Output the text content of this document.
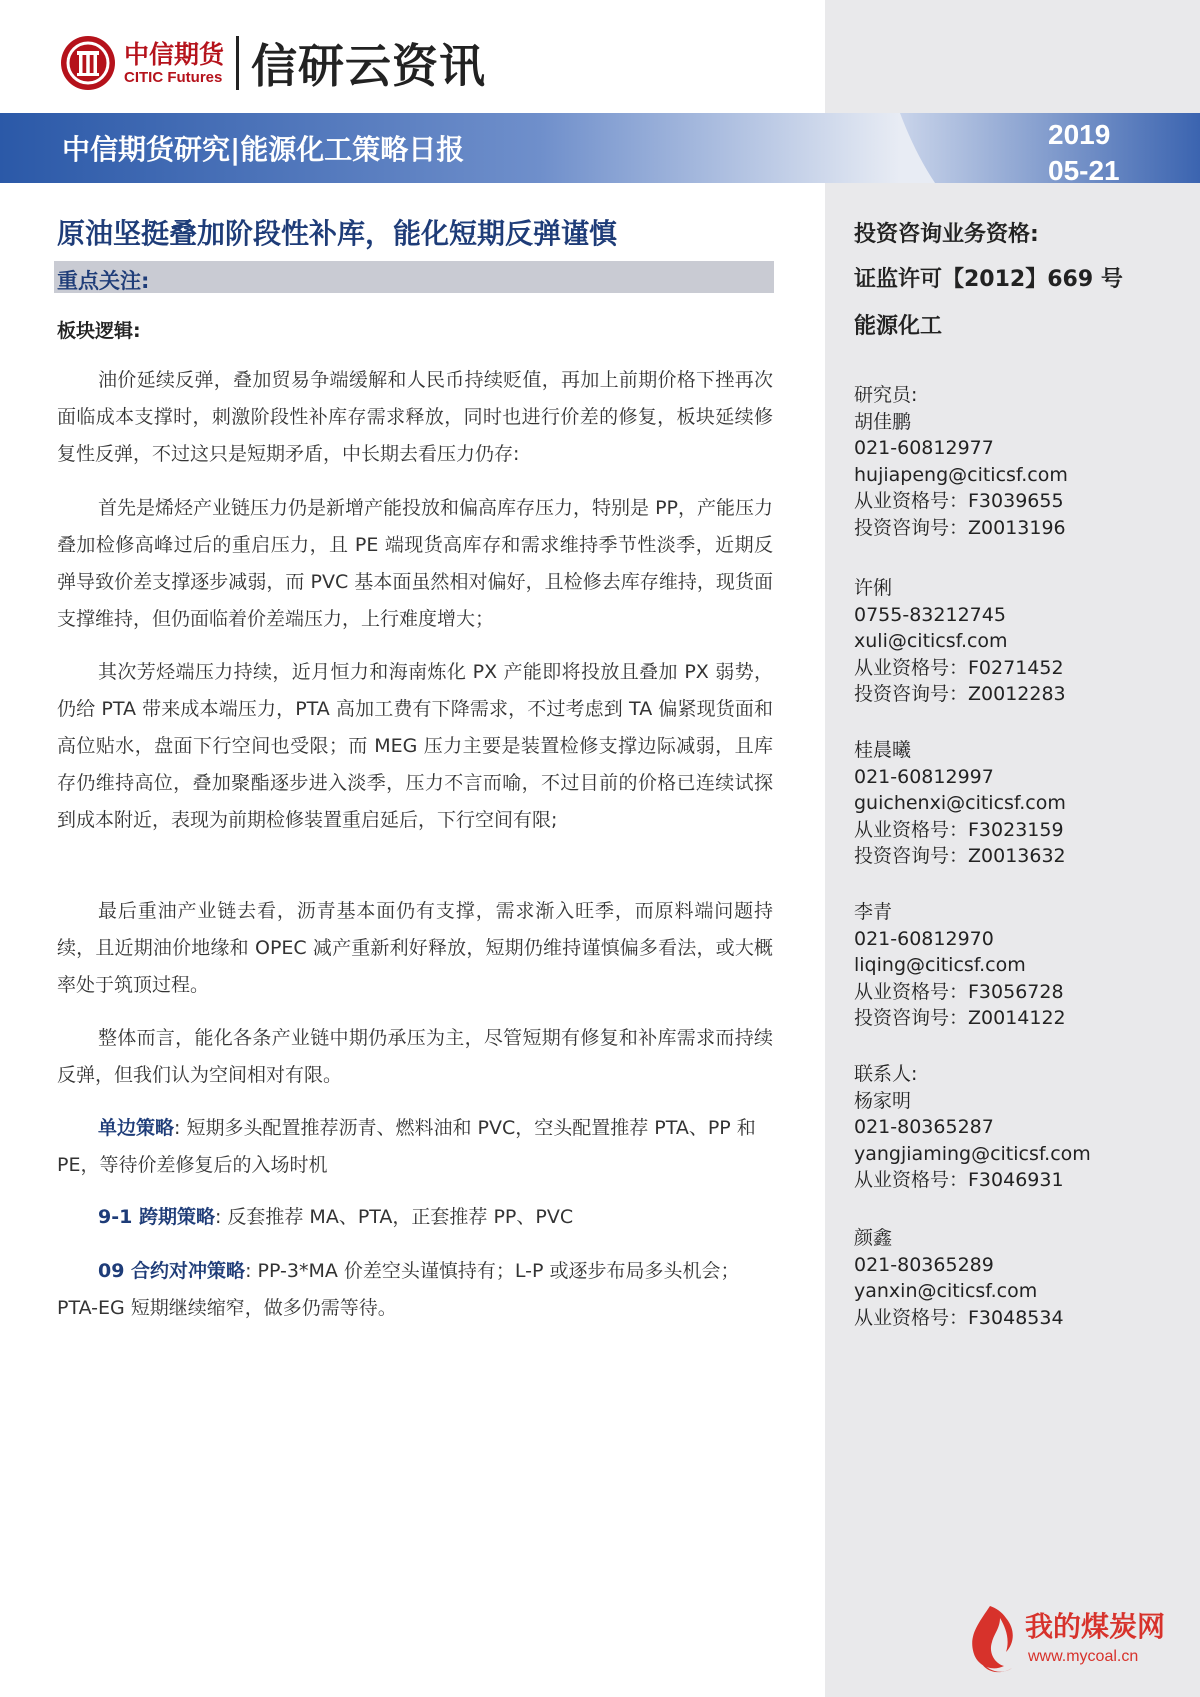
中信期货
CITIC Futures 信研云资讯
中信期货研究|能源化工策略日报	2019
05-21
原油坚挺叠加阶段性补库，能化短期反弹谨慎
重点关注:
板块逻辑:

油价延续反弹，叠加贸易争端缓解和人民币持续贬值，再加上前期价格下挫再次面临成本支撑时，刺激阶段性补库存需求释放，同时也进行价差的修复，板块延续修复性反弹，不过这只是短期矛盾，中长期去看压力仍存:

首先是烯烃产业链压力仍是新增产能投放和偏高库存压力，特别是 PP，产能压力叠加检修高峰过后的重启压力，且 PE 端现货高库存和需求维持季节性淡季，近期反弹导致价差支撑逐步减弱，而 PVC 基本面虽然相对偏好，且检修去库存维持，现货面支撑维持，但仍面临着价差端压力，上行难度增大；

其次芳烃端压力持续，近月恒力和海南炼化 PX 产能即将投放且叠加 PX 弱势，仍给 PTA 带来成本端压力，PTA 高加工费有下降需求，不过考虑到 TA 偏紧现货面和高位贴水，盘面下行空间也受限；而 MEG 压力主要是装置检修支撑边际减弱，且库存仍维持高位，叠加聚酯逐步进入淡季，压力不言而喻，不过目前的价格已连续试探到成本附近，表现为前期检修装置重启延后，下行空间有限;

最后重油产业链去看，沥青基本面仍有支撑，需求渐入旺季，而原料端问题持续，且近期油价地缘和 OPEC 减产重新利好释放，短期仍维持谨慎偏多看法，或大概率处于筑顶过程。

整体而言，能化各条产业链中期仍承压为主，尽管短期有修复和补库需求而持续反弹，但我们认为空间相对有限。

单边策略: 短期多头配置推荐沥青、燃料油和 PVC，空头配置推荐 PTA、PP 和 PE，等待价差修复后的入场时机

9-1 跨期策略: 反套推荐 MA、PTA，正套推荐 PP、PVC

09 合约对冲策略: PP-3*MA 价差空头谨慎持有；L-P 或逐步布局多头机会；PTA-EG 短期继续缩窄，做多仍需等待。

投资咨询业务资格:
证监许可【2012】669 号
能源化工
研究员:
胡佳鹏
021-60812977
hujiapeng@citicsf.com
从业资格号：F3039655
投资咨询号：Z0013196
许俐
0755-83212745
xuli@citicsf.com
从业资格号：F0271452
投资咨询号：Z0012283
桂晨曦
021-60812997
guichenxi@citicsf.com
从业资格号：F3023159
投资咨询号：Z0013632
李青
021-60812970
liqing@citicsf.com
从业资格号：F3056728
投资咨询号：Z0014122
联系人:
杨家明
021-80365287
yangjiaming@citicsf.com
从业资格号：F3046931
颜鑫
021-80365289
yanxin@citicsf.com
从业资格号：F3048534
我的煤炭网
www.mycoal.cn
